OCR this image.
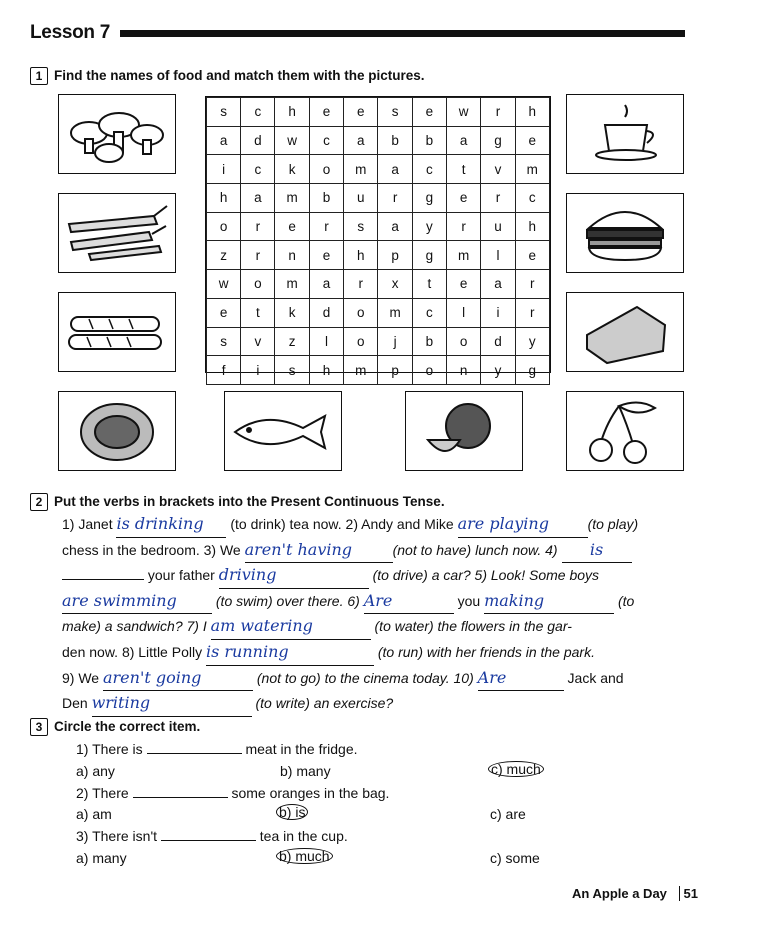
Lesson 7
1 Find the names of food and match them with the pictures.
s	c	h	e	e	s	e	w	r	h
a	d	w	c	a	b	b	a	g	e
i	c	k	o	m	a	c	t	v	m
h	a	m	b	u	r	g	e	r	c
o	r	e	r	s	a	y	r	u	h
z	r	n	e	h	p	g	m	l	e
w	o	m	a	r	x	t	e	a	r
e	t	k	d	o	m	c	l	i	r
s	v	z	l	o	j	b	o	d	y
f	i	s	h	m	p	o	n	y	g
2 Put the verbs in brackets into the Present Continuous Tense.
1) Janet is drinking (to drink) tea now. 2) Andy and Mike are playing	(to play)
chess in the bedroom. 3) We aren't having	(not to have) lunch now. 4) is
your father driving	(to drive) a car? 5) Look! Some boys
are swimming	(to swim) over there. 6) Are	you making	(to
make) a sandwich? 7) I am watering	(to water) the flowers in the gar-
den now. 8) Little Polly is running	(to run) with her friends in the park.
9) We aren't going	(not to go) to the cinema today. 10) Are	Jack and
Den writing	(to write) an exercise?
3 Circle the correct item.
1) There is	meat in the fridge.
a) any	b) many	c) much
2) There	some oranges in the bag.
a) am	b) is	c) are
3) There isn't	tea in the cup.
a) many	b) much	c) some
An Apple a Day 51
